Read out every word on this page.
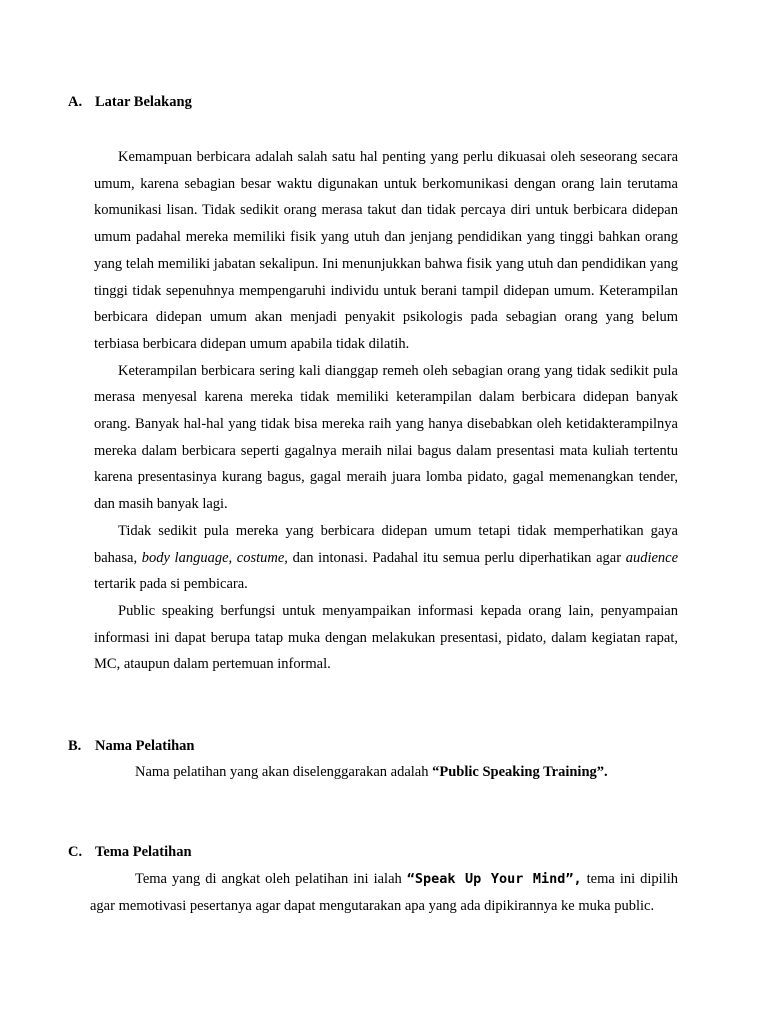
A. Latar Belakang

Kemampuan berbicara adalah salah satu hal penting yang perlu dikuasai oleh seseorang secara umum, karena sebagian besar waktu digunakan untuk berkomunikasi dengan orang lain terutama komunikasi lisan. Tidak sedikit orang merasa takut dan tidak percaya diri untuk berbicara didepan umum padahal mereka memiliki fisik yang utuh dan jenjang pendidikan yang tinggi bahkan orang yang telah memiliki jabatan sekalipun. Ini menunjukkan bahwa fisik yang utuh dan pendidikan yang tinggi tidak sepenuhnya mempengaruhi individu untuk berani tampil didepan umum. Keterampilan berbicara didepan umum akan menjadi penyakit psikologis pada sebagian orang yang belum terbiasa berbicara didepan umum apabila tidak dilatih.

Keterampilan berbicara sering kali dianggap remeh oleh sebagian orang yang tidak sedikit pula merasa menyesal karena mereka tidak memiliki keterampilan dalam berbicara didepan banyak orang. Banyak hal-hal yang tidak bisa mereka raih yang hanya disebabkan oleh ketidakterampilnya mereka dalam berbicara seperti gagalnya meraih nilai bagus dalam presentasi mata kuliah tertentu karena presentasinya kurang bagus, gagal meraih juara lomba pidato, gagal memenangkan tender, dan masih banyak lagi.

Tidak sedikit pula mereka yang berbicara didepan umum tetapi tidak memperhatikan gaya bahasa, body language, costume, dan intonasi. Padahal itu semua perlu diperhatikan agar audience tertarik pada si pembicara.

Public speaking berfungsi untuk menyampaikan informasi kepada orang lain, penyampaian informasi ini dapat berupa tatap muka dengan melakukan presentasi, pidato, dalam kegiatan rapat, MC, ataupun dalam pertemuan informal.

B. Nama Pelatihan
Nama pelatihan yang akan diselenggarakan adalah “Public Speaking Training”.
C. Tema Pelatihan
Tema yang di angkat oleh pelatihan ini ialah “Speak Up Your Mind”, tema ini dipilih
agar memotivasi pesertanya agar dapat mengutarakan apa yang ada dipikirannya ke muka public.
